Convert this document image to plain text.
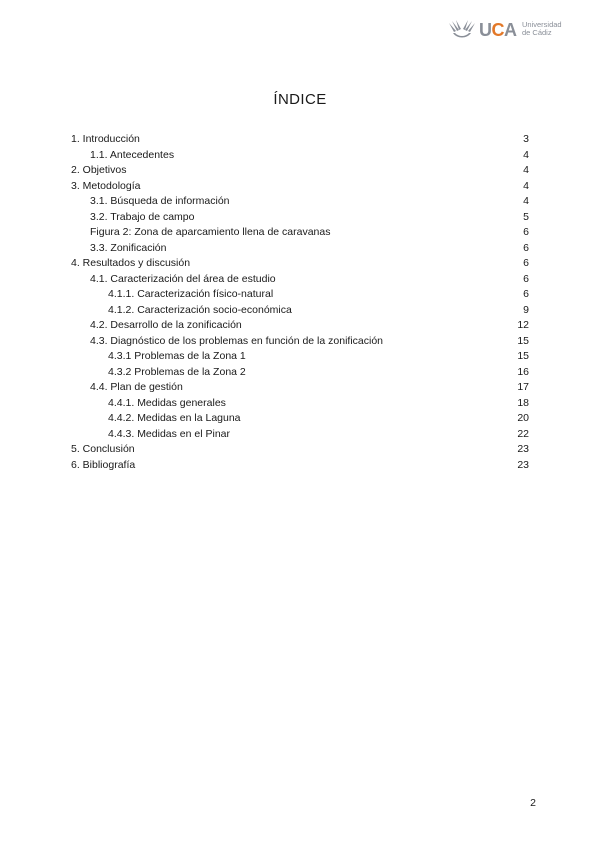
UCA Universidad
de Cádiz
ÍNDICE
1. Introducción	3
1.1. Antecedentes	4
2. Objetivos	4
3. Metodología	4
3.1. Búsqueda de información	4
3.2. Trabajo de campo	5
Figura 2: Zona de aparcamiento llena de caravanas	6
3.3. Zonificación	6
4. Resultados y discusión	6
4.1. Caracterización del área de estudio	6
4.1.1. Caracterización físico-natural	6
4.1.2. Caracterización socio-económica	9
4.2. Desarrollo de la zonificación	12
4.3. Diagnóstico de los problemas en función de la zonificación	15
4.3.1 Problemas de la Zona 1	15
4.3.2 Problemas de la Zona 2	16
4.4. Plan de gestión	17
4.4.1. Medidas generales	18
4.4.2. Medidas en la Laguna	20
4.4.3. Medidas en el Pinar	22
5. Conclusión	23
6. Bibliografía	23
2
